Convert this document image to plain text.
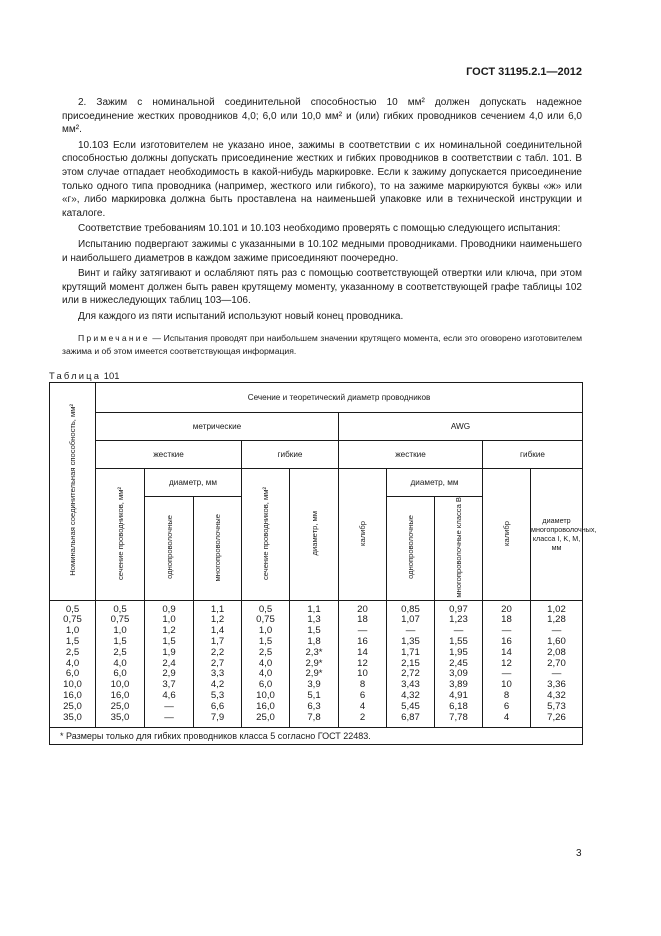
ГОСТ 31195.2.1—2012

2. Зажим с номинальной соединительной способностью 10 мм² должен допускать надежное присоединение жестких проводников 4,0; 6,0 или 10,0 мм² и (или) гибких проводников сечением 4,0 или 6,0 мм².

10.103 Если изготовителем не указано иное, зажимы в соответствии с их номинальной соединительной способностью должны допускать присоединение жестких и гибких проводников в соответствии с табл. 101. В этом случае отпадает необходимость в какой-нибудь маркировке. Если к зажиму допускается присоединение только одного типа проводника (например, жесткого или гибкого), то на зажиме маркируются буквы «ж» или «г», либо маркировка должна быть проставлена на наименьшей упаковке или в технической инструкции и каталоге.

Соответствие требованиям 10.101 и 10.103 необходимо проверять с помощью следующего испытания:

Испытанию подвергают зажимы с указанными в 10.102 медными проводниками. Проводники наименьшего и наибольшего диаметров в каждом зажиме присоединяют поочередно.

Винт и гайку затягивают и ослабляют пять раз с помощью соответствующей отвертки или ключа, при этом крутящий момент должен быть равен крутящему моменту, указанному в соответствующей графе таблицы 102 или в нижеследующих таблиц 103—106.

Для каждого из пяти испытаний используют новый конец проводника.

Примечание — Испытания проводят при наибольшем значении крутящего момента, если это оговорено изготовителем зажима и об этом имеется соответствующая информация.

Таблица 101
Номинальная соединительная способность, мм²	Сечение и теоретический диаметр проводников									
	метрические					AWG				
	жесткие			гибкие		жесткие			гибкие	
	сечение проводников, мм²	диаметр, мм		сечение проводников, мм²	диаметр, мм	калибр	диаметр, мм		калибр	диаметр многопроволочных, класса I, K, M, мм
		однопроволочные	многопроволочные				однопроволочные	многопроволочные класса B		
0,5	0,5	0,9	1,1	0,5	1,1	20	0,85	0,97	20	1,02
0,75	0,75	1,0	1,2	0,75	1,3	18	1,07	1,23	18	1,28
1,0	1,0	1,2	1,4	1,0	1,5	—	—	—	—	—
1,5	1,5	1,5	1,7	1,5	1,8	16	1,35	1,55	16	1,60
2,5	2,5	1,9	2,2	2,5	2,3*	14	1,71	1,95	14	2,08
4,0	4,0	2,4	2,7	4,0	2,9*	12	2,15	2,45	12	2,70
6,0	6,0	2,9	3,3	4,0	2,9*	10	2,72	3,09	—	—
10,0	10,0	3,7	4,2	6,0	3,9	8	3,43	3,89	10	3,36
16,0	16,0	4,6	5,3	10,0	5,1	6	4,32	4,91	8	4,32
25,0	25,0	—	6,6	16,0	6,3	4	5,45	6,18	6	5,73
35,0	35,0	—	7,9	25,0	7,8	2	6,87	7,78	4	7,26
* Размеры только для гибких проводников класса 5 согласно ГОСТ 22483.										
3
